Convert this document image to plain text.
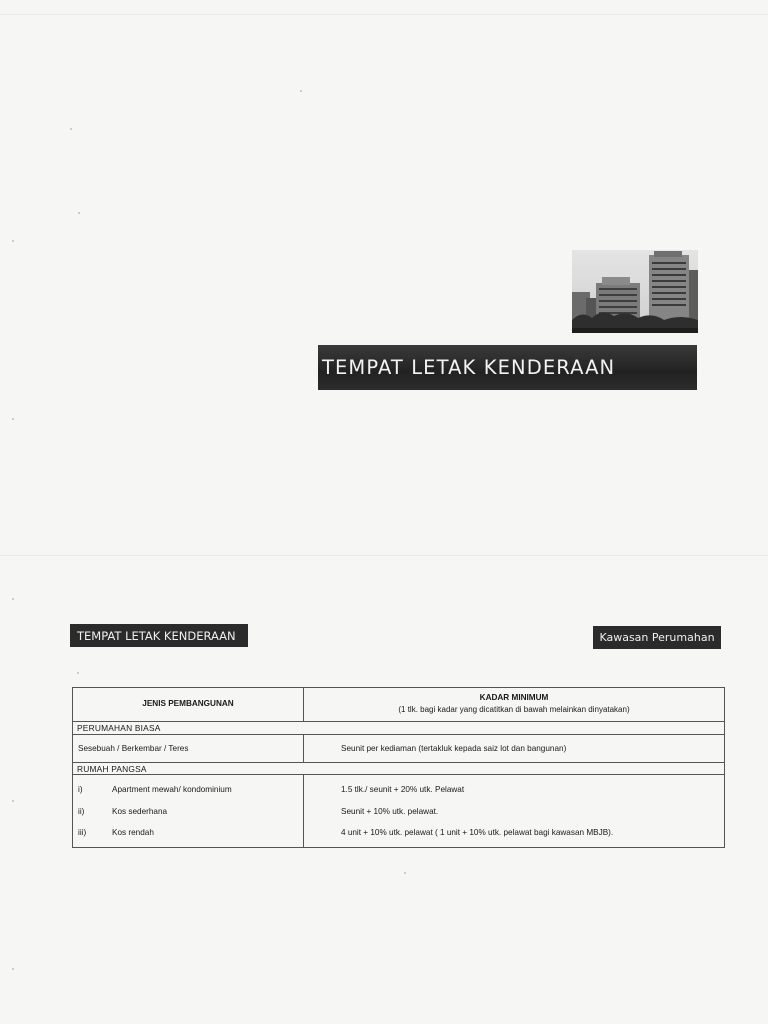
TEMPAT LETAK KENDERAAN
TEMPAT LETAK KENDERAAN	Kawasan Perumahan
JENIS PEMBANGUNAN
KADAR MINIMUM
(1 tlk. bagi kadar yang dicatitkan di bawah melainkan dinyatakan)
PERUMAHAN BIASA
Sesebuah / Berkembar / Teres	Seunit per kediaman (tertakluk kepada saiz lot dan bangunan)
RUMAH PANGSA
i)	Apartment mewah/ kondominium	1.5 tlk./ seunit + 20% utk. Pelawat
ii)	Kos sederhana	Seunit + 10% utk. pelawat.
iii)	Kos rendah	4 unit + 10% utk. pelawat ( 1 unit + 10% utk. pelawat bagi kawasan MBJB).
